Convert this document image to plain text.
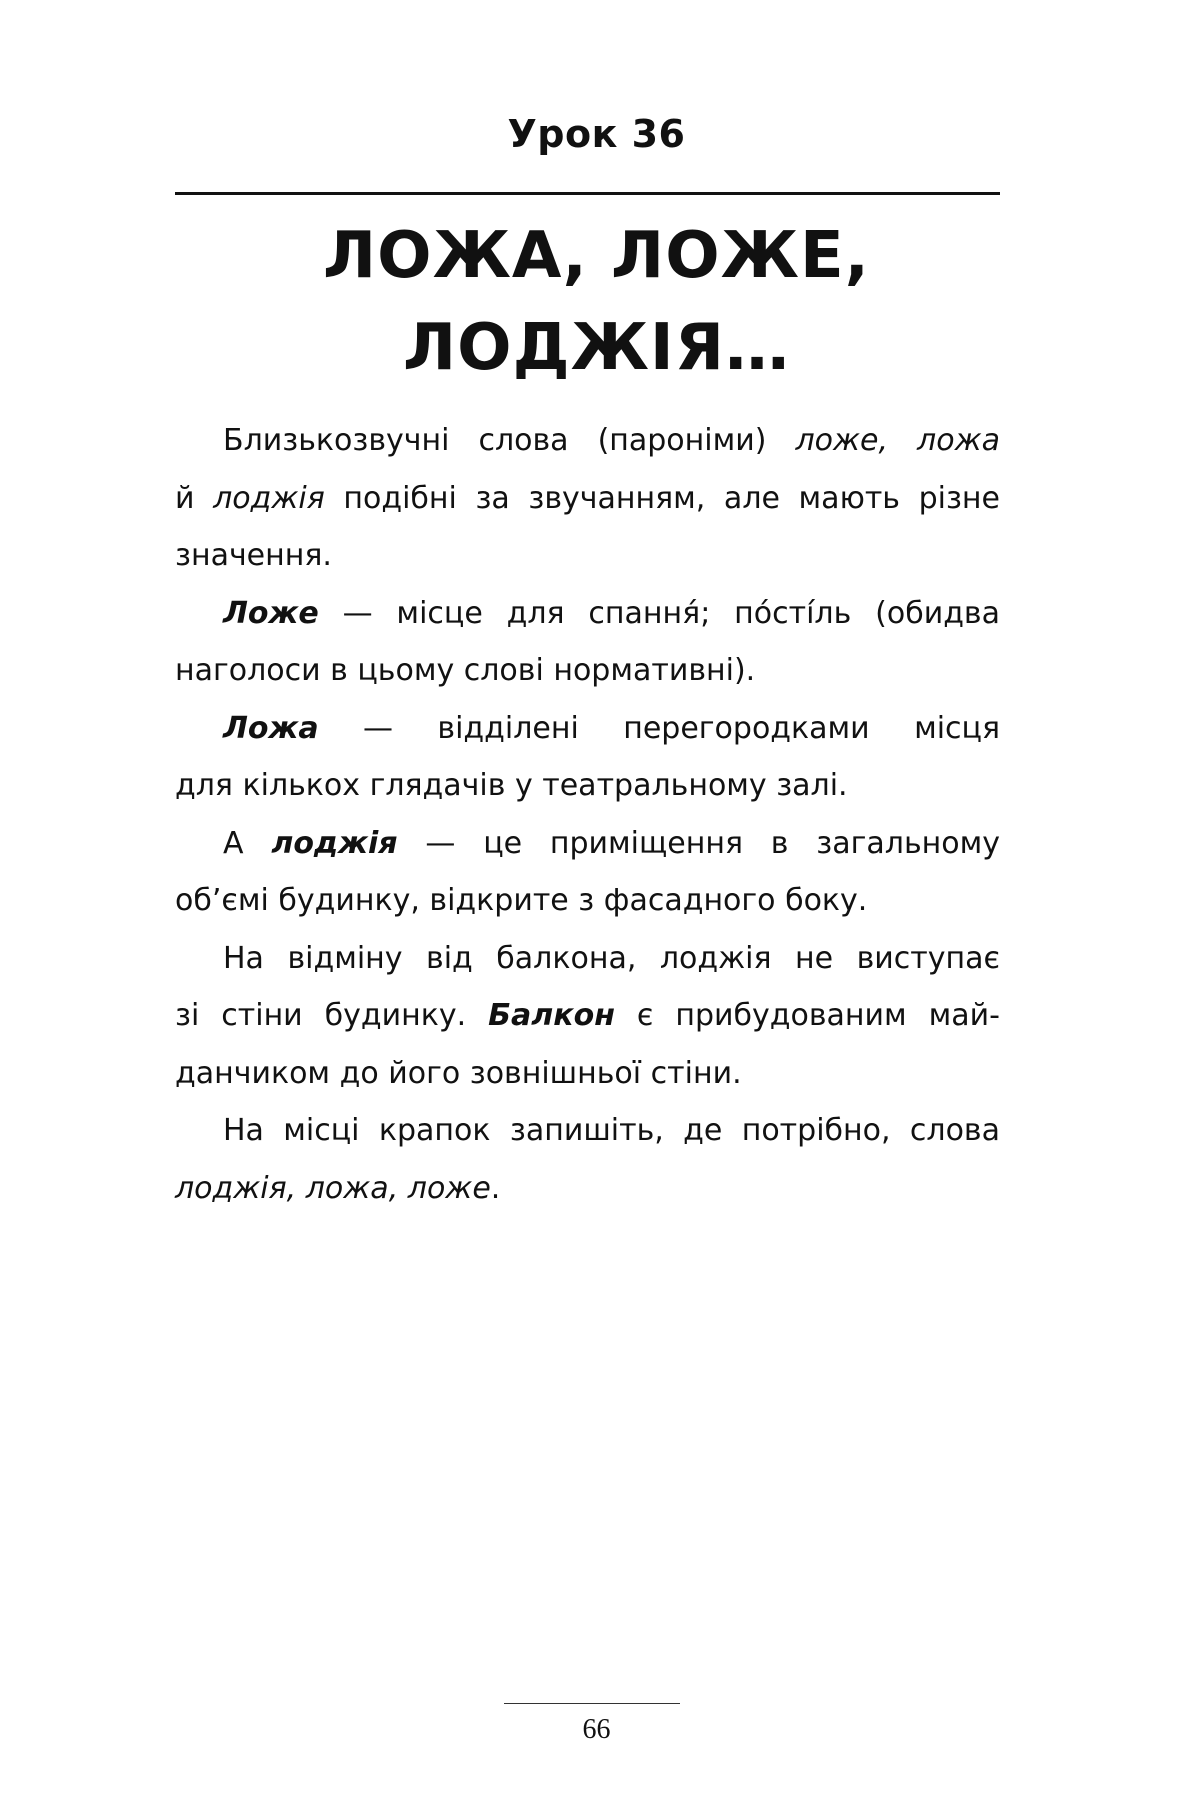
Урок 36
ЛОЖА, ЛОЖЕ,
ЛОДЖІЯ…

Близькозвучні слова (пароніми) ложе, ложа
й лоджія подібні за звучанням, але мають різне
значення.

Ложе — місце для спання́; по́сті́ль (обидва
наголоси в цьому слові нормативні).

Ложа — відділені перегородками місця
для кількох глядачів у театральному залі.

А лоджія — це приміщення в загальному
об’ємі будинку, відкрите з фасадного боку.

На відміну від балкона, лоджія не виступає
зі стіни будинку. Балкон є прибудованим май-
данчиком до його зовнішньої стіни.

На місці крапок запишіть, де потрібно, слова
лоджія, ложа, ложе.

66
